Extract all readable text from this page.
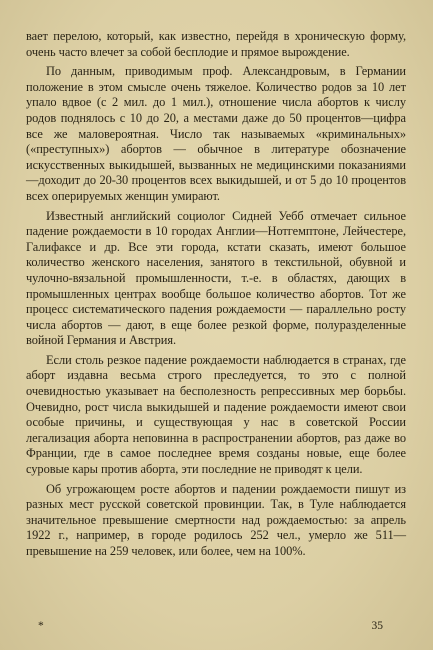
вает перелою, который, как известно, перейдя в хроническую форму, очень часто влечет за собой бесплодие и прямое вырождение.

По данным, приводимым проф. Александровым, в Германии положение в этом смысле очень тяжелое. Количество родов за 10 лет упало вдвое (с 2 мил. до 1 мил.), отношение числа абортов к числу родов поднялось с 10 до 20, а местами даже до 50 процентов—цифра все же маловероятная. Число так называемых «криминальных» («преступных») абортов — обычное в литературе обозначение искусственных выкидышей, вызванных не медицинскими показаниями—доходит до 20-30 процентов всех выкидышей, и от 5 до 10 процентов всех оперируемых женщин умирают.

Известный английский социолог Сидней Уебб отмечает сильное падение рождаемости в 10 городах Англии—Нотгемптоне, Лейчестере, Галифаксе и др. Все эти города, кстати сказать, имеют большое количество женского населения, занятого в текстильной, обувной и чулочно-вязальной промышленности, т.-е. в областях, дающих в промышленных центрах вообще большое количество абортов. Тот же процесс систематического падения рождаемости — параллельно росту числа абортов — дают, в еще более резкой форме, полуразделенные войной Германия и Австрия.

Если столь резкое падение рождаемости наблюдается в странах, где аборт издавна весьма строго преследуется, то это с полной очевидностью указывает на бесполезность репрессивных мер борьбы. Очевидно, рост числа выкидышей и падение рождаемости имеют свои особые причины, и существующая у нас в советской России легализация аборта неповинна в распространении абортов, раз даже во Франции, где в самое последнее время созданы новые, еще более суровые кары против аборта, эти последние не приводят к цели.

Об угрожающем росте абортов и падении рождаемости пишут из разных мест русской советской провинции. Так, в Туле наблюдается значительное превышение смертности над рождаемостью: за апрель 1922 г., например, в городе родилось 252 чел., умерло же 511—превышение на 259 человек, или более, чем на 100%.

*	35
